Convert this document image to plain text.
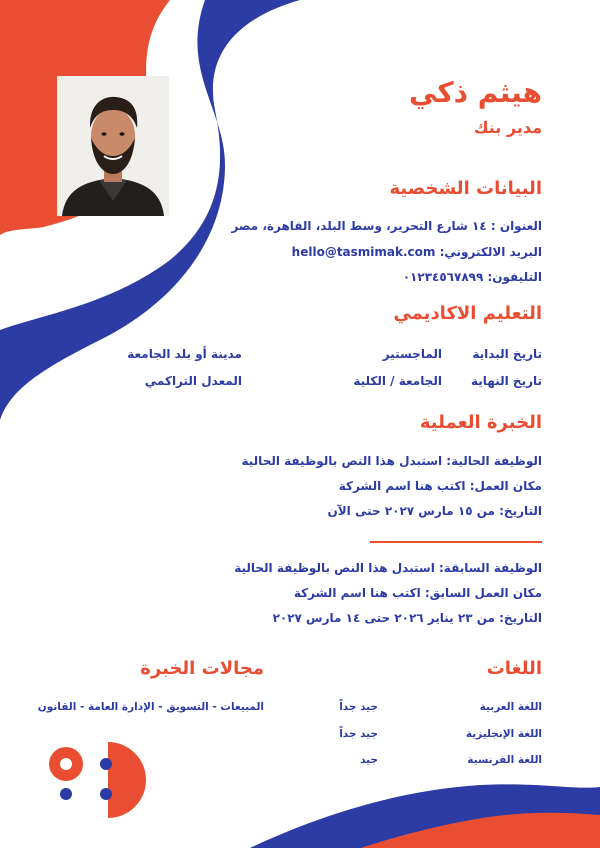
هيثم ذكي
مدير بنك
البيانات الشخصية
العنوان : ١٤ شارع التحرير، وسط البلد، القاهرة، مصر
البريد الالكتروني: hello@tasmimak.com
التليفون: ٠١٢٣٤٥٦٧٨٩٩
التعليم الاكاديمي
تاريخ البداية
الماجستير
مدينة أو بلد الجامعة
تاريخ النهاية
الجامعة / الكلية
المعدل التراكمي
الخبرة العملية
الوظيفة الحالية: استبدل هذا النص بالوظيفة الحالية
مكان العمل: اكتب هنا اسم الشركة
التاريخ: من ١٥ مارس ٢٠٢٧ حتى الآن
الوظيفة السابقة: استبدل هذا النص بالوظيفة الحالية
مكان العمل السابق: اكتب هنا اسم الشركة
التاريخ: من ٢٣ يناير ٢٠٢٦ حتى ١٤ مارس ٢٠٢٧
اللغات
اللغة العربية
جيد جداً
اللغة الإنجليزية
جيد جداً
اللغة الفرنسية
جيد
مجالات الخبرة
المبيعات - التسويق - الإدارة العامة - القانون
